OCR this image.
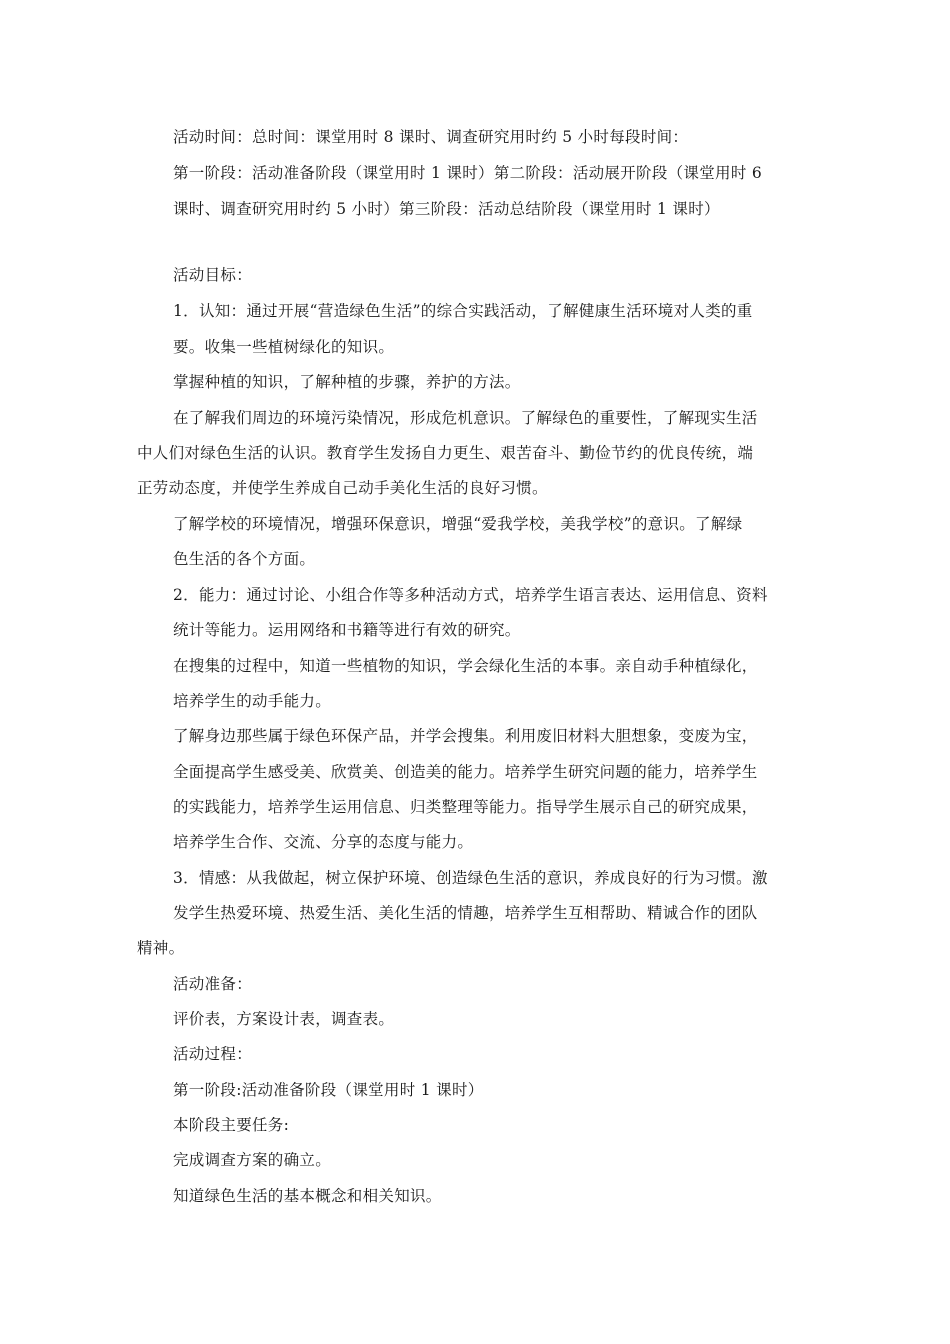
活动时间：总时间：课堂用时 8 课时、调查研究用时约 5 小时每段时间：
第一阶段：活动准备阶段（课堂用时 1 课时）第二阶段：活动展开阶段（课堂用时 6
课时、调查研究用时约 5 小时）第三阶段：活动总结阶段（课堂用时 1 课时）
活动目标：
1．认知：通过开展“营造绿色生活”的综合实践活动，了解健康生活环境对人类的重
要。收集一些植树绿化的知识。
掌握种植的知识，了解种植的步骤，养护的方法。
在了解我们周边的环境污染情况，形成危机意识。了解绿色的重要性，了解现实生活
中人们对绿色生活的认识。教育学生发扬自力更生、艰苦奋斗、勤俭节约的优良传统，端
正劳动态度，并使学生养成自己动手美化生活的良好习惯。
了解学校的环境情况，增强环保意识，增强“爱我学校，美我学校”的意识。了解绿
色生活的各个方面。
2．能力：通过讨论、小组合作等多种活动方式，培养学生语言表达、运用信息、资料
统计等能力。运用网络和书籍等进行有效的研究。
在搜集的过程中，知道一些植物的知识，学会绿化生活的本事。亲自动手种植绿化，
培养学生的动手能力。
了解身边那些属于绿色环保产品，并学会搜集。利用废旧材料大胆想象，变废为宝，
全面提高学生感受美、欣赏美、创造美的能力。培养学生研究问题的能力，培养学生
的实践能力，培养学生运用信息、归类整理等能力。指导学生展示自己的研究成果，
培养学生合作、交流、分享的态度与能力。
3．情感：从我做起，树立保护环境、创造绿色生活的意识，养成良好的行为习惯。激
发学生热爱环境、热爱生活、美化生活的情趣，培养学生互相帮助、精诚合作的团队
精神。
活动准备：
评价表，方案设计表，调查表。
活动过程：
第一阶段:活动准备阶段（课堂用时 1 课时）
本阶段主要任务:
完成调查方案的确立。
知道绿色生活的基本概念和相关知识。
